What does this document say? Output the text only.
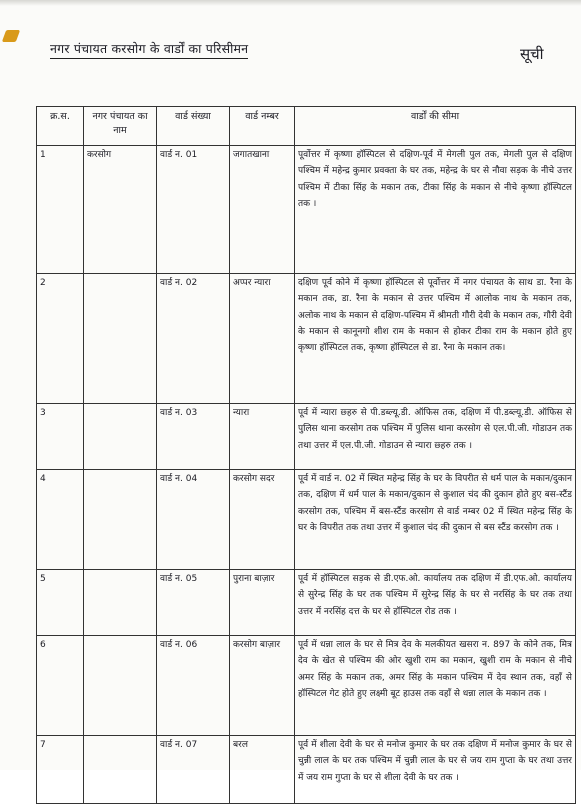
नगर पंचायत करसोग के वार्डों का परिसीमन	सूची
क्र.स.	नगर पंचायत का नाम	वार्ड संख्या	वार्ड नम्बर	वार्डों की सीमा
1	करसोग	वार्ड न. 01	जगातखाना	पूर्वोत्तर में कृष्णा हॉस्पिटल से दक्षिण-पूर्व में मेगली पुल तक, मेगली पुल से दक्षिण पश्चिम में महेन्द्र कुमार प्रवक्ता के घर तक, महेन्द्र के घर से नौवा सड़क के नीचे उत्तर पश्चिम में टीका सिंह के मकान तक, टीका सिंह के मकान से नीचे कृष्णा हॉस्पिटल तक ।
2		वार्ड न. 02	अप्पर न्यारा	दक्षिण पूर्व कोने में कृष्णा हॉस्पिटल से पूर्वोत्तर में नगर पंचायत के साथ डा. रैना के मकान तक, डा. रैना के मकान से उत्तर पश्चिम में आलोक नाथ के मकान तक, अलोक नाथ के मकान से दक्षिण-पश्चिम में श्रीमती गौरी देवी के मकान तक, गौरी देवी के मकान से कानूनगो शीश राम के मकान से होकर टीका राम के मकान होते हुए कृष्णा हॉस्पिटल तक, कृष्णा हॉस्पिटल से डा. रैना के मकान तक।
3		वार्ड न. 03	न्यारा	पूर्व में न्यारा छ्हरु से पी.डब्ल्यू.डी. ऑफिस तक, दक्षिण में पी.डब्ल्यू.डी. ऑफिस से पुलिस थाना करसोग तक पश्चिम में पुलिस थाना करसोग से एल.पी.जी. गोडाउन तक तथा उत्तर में एल.पी.जी. गोडाउन से न्यारा छ्हरु तक ।
4		वार्ड न. 04	करसोग सदर	पूर्व में वार्ड न. 02 में स्थित महेन्द्र सिंह के घर के विपरीत से धर्म पाल के मकान/दुकान तक, दक्षिण में धर्म पाल के मकान/दुकान से कुशाल चंद की दुकान होते हुए बस-स्टैंड करसोग तक, पश्चिम में बस-स्टैंड करसोग से वार्ड नम्बर 02 में स्थित महेन्द्र सिंह के घर के विपरीत तक तथा उत्तर में कुशाल चंद की दुकान से बस स्टैंड करसोग तक ।
5		वार्ड न. 05	पुराना बाज़ार	पूर्व में हॉस्पिटल सड़क से डी.एफ.ओ. कार्यालय तक दक्षिण में डी.एफ.ओ. कार्यालय से सुरेन्द्र सिंह के घर तक पश्चिम में सुरेन्द्र सिंह के घर से नरसिंह के घर तक तथा उत्तर में नरसिंह दत्त के घर से हॉस्पिटल रोड तक ।
6		वार्ड न. 06	करसोग बाज़ार	पूर्व में धन्ना लाल के घर से मित्र देव के मलकीयत खसरा न. 897 के कोने तक, मित्र देव के खेत से पश्चिम की ओर खुशी राम का मकान, खुशी राम के मकान से नीचे अमर सिंह के मकान तक, अमर सिंह के मकान पश्चिम में देव स्थान तक, वहाँ से हॉस्पिटल गेट होते हुए लक्ष्मी बूट हाउस तक वहाँ से धन्ना लाल के मकान तक ।
7		वार्ड न. 07	बरल	पूर्व में शीला देवी के घर से मनोज कुमार के घर तक दक्षिण में मनोज कुमार के घर से चुन्नी लाल के घर तक पश्चिम में चुन्नी लाल के घर से जय राम गुप्ता के घर तथा उत्तर में जय राम गुप्ता के घर से शीला देवी के घर तक ।
